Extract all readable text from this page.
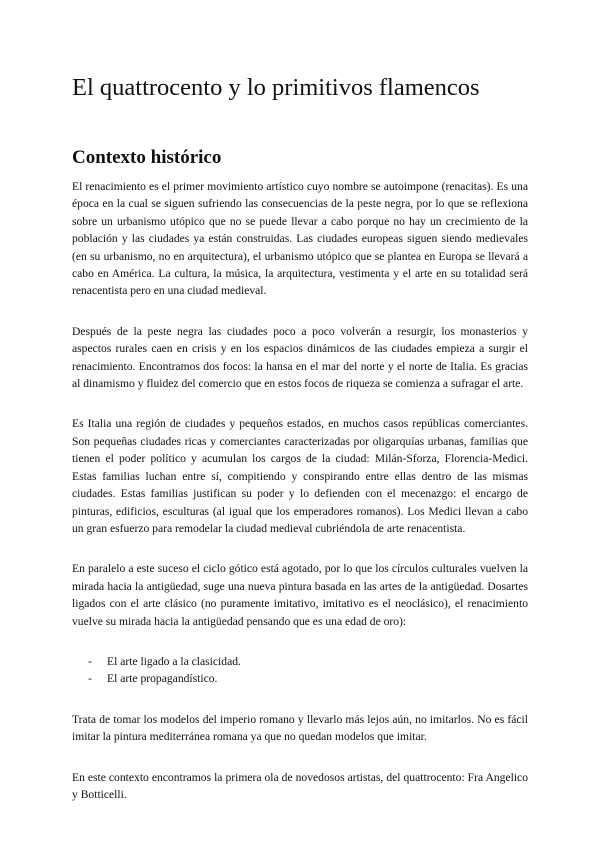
El quattrocento y lo primitivos flamencos
Contexto histórico

El renacimiento es el primer movimiento artístico cuyo nombre se autoimpone (renacitas). Es una época en la cual se siguen sufriendo las consecuencias de la peste negra, por lo que se reflexiona sobre un urbanismo utópico que no se puede llevar a cabo porque no hay un crecimiento de la población y las ciudades ya están construidas. Las ciudades europeas siguen siendo medievales (en su urbanismo, no en arquitectura), el urbanismo utópico que se plantea en Europa se llevará a cabo en América. La cultura, la música, la arquitectura, vestimenta y el arte en su totalidad será renacentista pero en una ciudad medieval.

Después de la peste negra las ciudades poco a poco volverán a resurgir, los monasterios y aspectos rurales caen en crisis y en los espacios dinámicos de las ciudades empieza a surgir el renacimiento. Encontramos dos focos: la hansa en el mar del norte y el norte de Italia. Es gracias al dinamismo y fluidez del comercio que en estos focos de riqueza se comienza a sufragar el arte.

Es Italia una región de ciudades y pequeños estados, en muchos casos repúblicas comerciantes. Son pequeñas ciudades ricas y comerciantes caracterizadas por oligarquías urbanas, familias que tienen el poder político y acumulan los cargos de la ciudad: Milán-Sforza, Florencia-Medici. Estas familias luchan entre sí, compitiendo y conspirando entre ellas dentro de las mismas ciudades. Estas familias justifican su poder y lo defienden con el mecenazgo: el encargo de pinturas, edificios, esculturas (al igual que los emperadores romanos). Los Medici llevan a cabo un gran esfuerzo para remodelar la ciudad medieval cubriéndola de arte renacentista.

En paralelo a este suceso el ciclo gótico está agotado, por lo que los círculos culturales vuelven la mirada hacia la antigüedad, suge una nueva pintura basada en las artes de la antigüedad. Dosartes ligados con el arte clásico (no puramente imitativo, imitativo es el neoclásico), el renacimiento vuelve su mirada hacia la antigüedad pensando que es una edad de oro):

-	El arte ligado a la clasicidad.
-	El arte propagandístico.

Trata de tomar los modelos del imperio romano y llevarlo más lejos aún, no imitarlos. No es fácil imitar la pintura mediterránea romana ya que no quedan modelos que imitar.

En este contexto encontramos la primera ola de novedosos artistas, del quattrocento: Fra Angelico y Botticelli.
